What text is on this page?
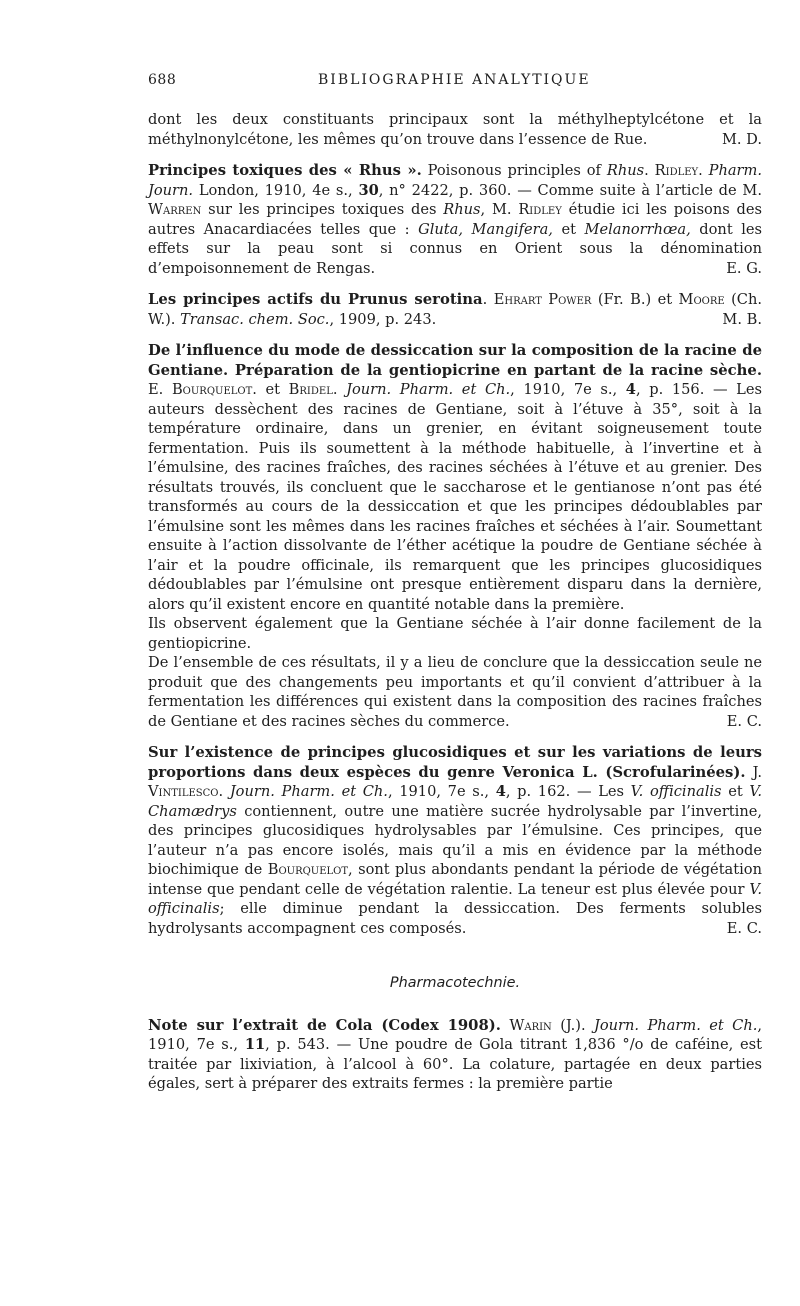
688	BIBLIOGRAPHIE ANALYTIQUE

dont les deux constituants principaux sont la méthylheptylcétone et la méthylnonylcétone, les mêmes qu’on trouve dans l’essence de Rue.	M. D.

Principes toxiques des « Rhus ». Poisonous principles of Rhus. Ridley. Pharm. Journ. London, 1910, 4e s., 30, n° 2422, p. 360. — Comme suite à l’article de M. Warren sur les principes toxiques des Rhus, M. Ridley étudie ici les poisons des autres Anacardiacées telles que : Gluta, Mangifera, et Melanorrhœa, dont les effets sur la peau sont si connus en Orient sous la dénomination d’empoisonnement de Rengas.	E. G.

Les principes actifs du Prunus serotina. Ehrart Power (Fr. B.) et Moore (Ch. W.). Transac. chem. Soc., 1909, p. 243.	M. B.

De l’influence du mode de dessiccation sur la composition de la racine de Gentiane. Préparation de la gentiopicrine en partant de la racine sèche. E. Bourquelot. et Bridel. Journ. Pharm. et Ch., 1910, 7e s., 4, p. 156. — Les auteurs dessèchent des racines de Gentiane, soit à l’étuve à 35°, soit à la température ordinaire, dans un grenier, en évitant soigneusement toute fermentation. Puis ils soumettent à la méthode habituelle, à l’invertine et à l’émulsine, des racines fraîches, des racines séchées à l’étuve et au grenier. Des résultats trouvés, ils concluent que le saccharose et le gentianose n’ont pas été transformés au cours de la dessiccation et que les principes dédoublables par l’émulsine sont les mêmes dans les racines fraîches et séchées à l’air. Soumettant ensuite à l’action dissolvante de l’éther acétique la poudre de Gentiane séchée à l’air et la poudre officinale, ils remarquent que les principes glucosidiques dédoublables par l’émulsine ont presque entièrement disparu dans la dernière, alors qu’il existent encore en quantité notable dans la première.

Ils observent également que la Gentiane séchée à l’air donne facilement de la gentiopicrine.

De l’ensemble de ces résultats, il y a lieu de conclure que la dessiccation seule ne produit que des changements peu importants et qu’il convient d’attribuer à la fermentation les différences qui existent dans la composition des racines fraîches de Gentiane et des racines sèches du commerce.	E. C.

Sur l’existence de principes glucosidiques et sur les variations de leurs proportions dans deux espèces du genre Veronica L. (Scrofularinées). J. Vintilesco. Journ. Pharm. et Ch., 1910, 7e s., 4, p. 162. — Les V. officinalis et V. Chamædrys contiennent, outre une matière sucrée hydrolysable par l’invertine, des principes glucosidiques hydrolysables par l’émulsine. Ces principes, que l’auteur n’a pas encore isolés, mais qu’il a mis en évidence par la méthode biochimique de Bourquelot, sont plus abondants pendant la période de végétation intense que pendant celle de végétation ralentie. La teneur est plus élevée pour V. officinalis; elle diminue pendant la dessiccation. Des ferments solubles hydrolysants accompagnent ces composés.	E. C.

Pharmacotechnie.

Note sur l’extrait de Cola (Codex 1908). Warin (J.). Journ. Pharm. et Ch., 1910, 7e s., 11, p. 543. — Une poudre de Gola titrant 1,836 °/o de caféine, est traitée par lixiviation, à l’alcool à 60°. La colature, partagée en deux parties égales, sert à préparer des extraits fermes : la première partie
